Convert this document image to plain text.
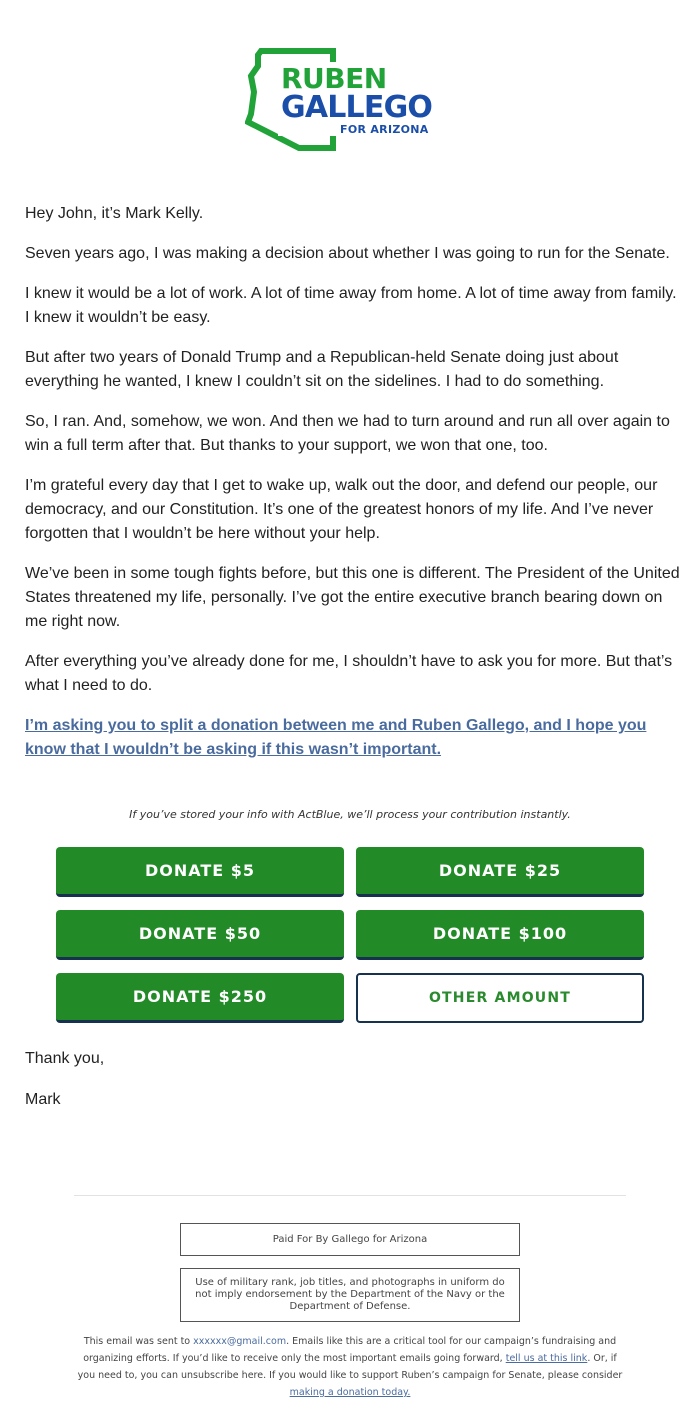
RUBEN
GALLEGO
FOR ARIZONA

Hey John, it’s Mark Kelly.

Seven years ago, I was making a decision about whether I was going to run for the Senate.

I knew it would be a lot of work. A lot of time away from home. A lot of time away from family. I knew it wouldn’t be easy.

But after two years of Donald Trump and a Republican-held Senate doing just about everything he wanted, I knew I couldn’t sit on the sidelines. I had to do something.

So, I ran. And, somehow, we won. And then we had to turn around and run all over again to win a full term after that. But thanks to your support, we won that one, too.

I’m grateful every day that I get to wake up, walk out the door, and defend our people, our democracy, and our Constitution. It’s one of the greatest honors of my life. And I’ve never forgotten that I wouldn’t be here without your help.

We’ve been in some tough fights before, but this one is different. The President of the United States threatened my life, personally. I’ve got the entire executive branch bearing down on me right now.

After everything you’ve already done for me, I shouldn’t have to ask you for more. But that’s what I need to do.

I’m asking you to split a donation between me and Ruben Gallego, and I hope you know that I wouldn’t be asking if this wasn’t important.
If you’ve stored your info with ActBlue, we’ll process your contribution instantly.
DONATE $5	DONATE $25
DONATE $50	DONATE $100
DONATE $250	OTHER AMOUNT

Thank you,

Mark

Paid For By Gallego for Arizona
Use of military rank, job titles, and photographs in uniform do not imply endorsement by the Department of the Navy or the Department of Defense.
This email was sent to xxxxxx@gmail.com. Emails like this are a critical tool for our campaign’s fundraising and organizing efforts. If you’d like to receive only the most important emails going forward, tell us at this link. Or, if you need to, you can unsubscribe here. If you would like to support Ruben’s campaign for Senate, please consider making a donation today.
